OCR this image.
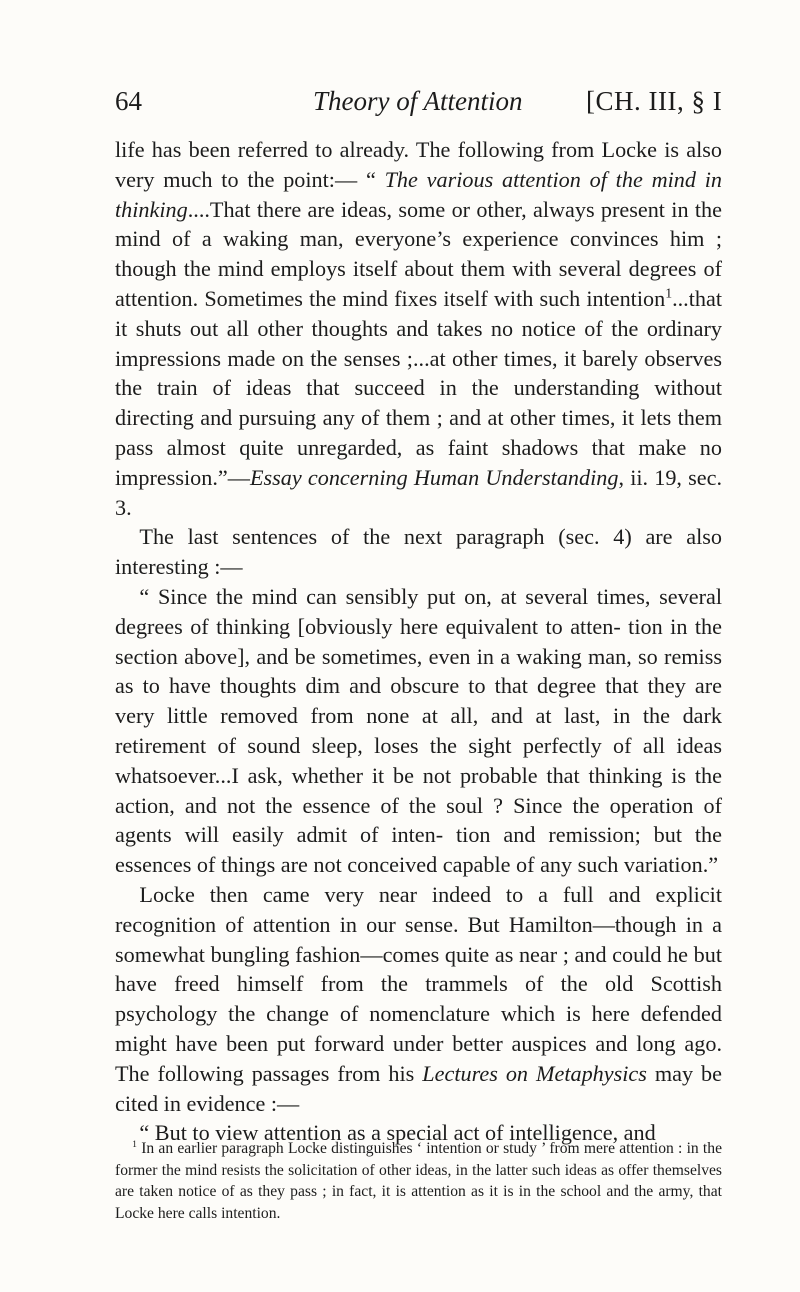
64	Theory of Attention [CH. III, § I

life has been referred to already. The following from Locke is also very much to the point:— “ The various attention of the mind in thinking....That there are ideas, some or other, always present in the mind of a waking man, everyone’s experience convinces him ; though the mind employs itself about them with several degrees of attention. Sometimes the mind fixes itself with such intention$^1$...that it shuts out all other thoughts and takes no notice of the ordinary impressions made on the senses ;...at other times, it barely observes the train of ideas that succeed in the understanding without directing and pursuing any of them ; and at other times, it lets them pass almost quite unregarded, as faint shadows that make no impression.”—Essay concerning Human Understanding, ii. 19, sec. 3.

The last sentences of the next paragraph (sec. 4) are also interesting :—

“ Since the mind can sensibly put on, at several times, several degrees of thinking [obviously here equivalent to atten- tion in the section above], and be sometimes, even in a waking man, so remiss as to have thoughts dim and obscure to that degree that they are very little removed from none at all, and at last, in the dark retirement of sound sleep, loses the sight perfectly of all ideas whatsoever...I ask, whether it be not probable that thinking is the action, and not the essence of the soul ? Since the operation of agents will easily admit of inten- tion and remission; but the essences of things are not conceived capable of any such variation.”

Locke then came very near indeed to a full and explicit recognition of attention in our sense. But Hamilton—though in a somewhat bungling fashion—comes quite as near ; and could he but have freed himself from the trammels of the old Scottish psychology the change of nomenclature which is here defended might have been put forward under better auspices and long ago. The following passages from his Lectures on Metaphysics may be cited in evidence :—

“ But to view attention as a special act of intelligence, and

$^1$ In an earlier paragraph Locke distinguishes ‘ intention or study ’ from mere attention : in the former the mind resists the solicitation of other ideas, in the latter such ideas as offer themselves are taken notice of as they pass ; in fact, it is attention as it is in the school and the army, that Locke here calls intention.
